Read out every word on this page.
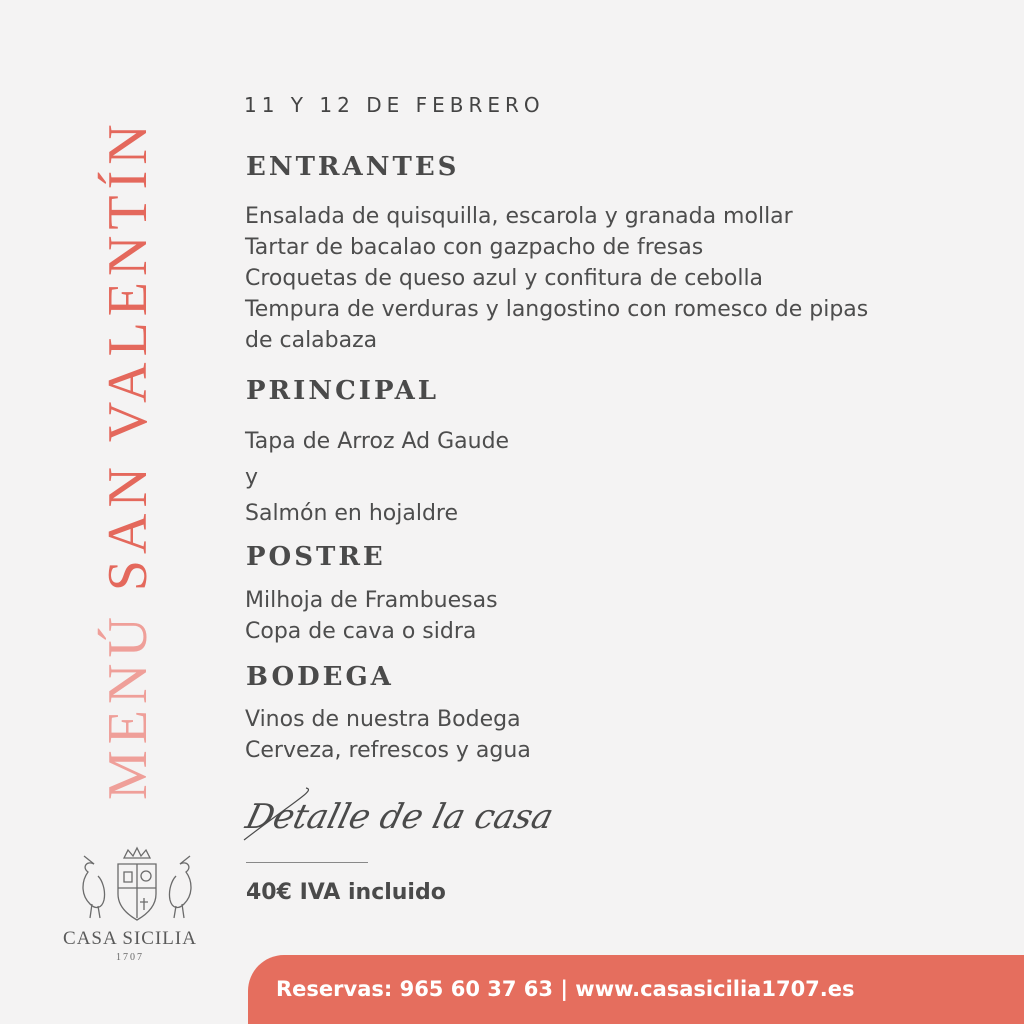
MENÚ SAN VALENTÍN
11 Y 12 DE FEBRERO
ENTRANTES
Ensalada de quisquilla, escarola y granada mollar
Tartar de bacalao con gazpacho de fresas
Croquetas de queso azul y confitura de cebolla
Tempura de verduras y langostino con romesco de pipas
de calabaza
PRINCIPAL
Tapa de Arroz Ad Gaude
y
Salmón en hojaldre
POSTRE
Milhoja de Frambuesas
Copa de cava o sidra
BODEGA
Vinos de nuestra Bodega
Cerveza, refrescos y agua
Detalle de la casa
40€ IVA incluido
CASA SICILIA
1707
Reservas: 965 60 37 63 | www.casasicilia1707.es
